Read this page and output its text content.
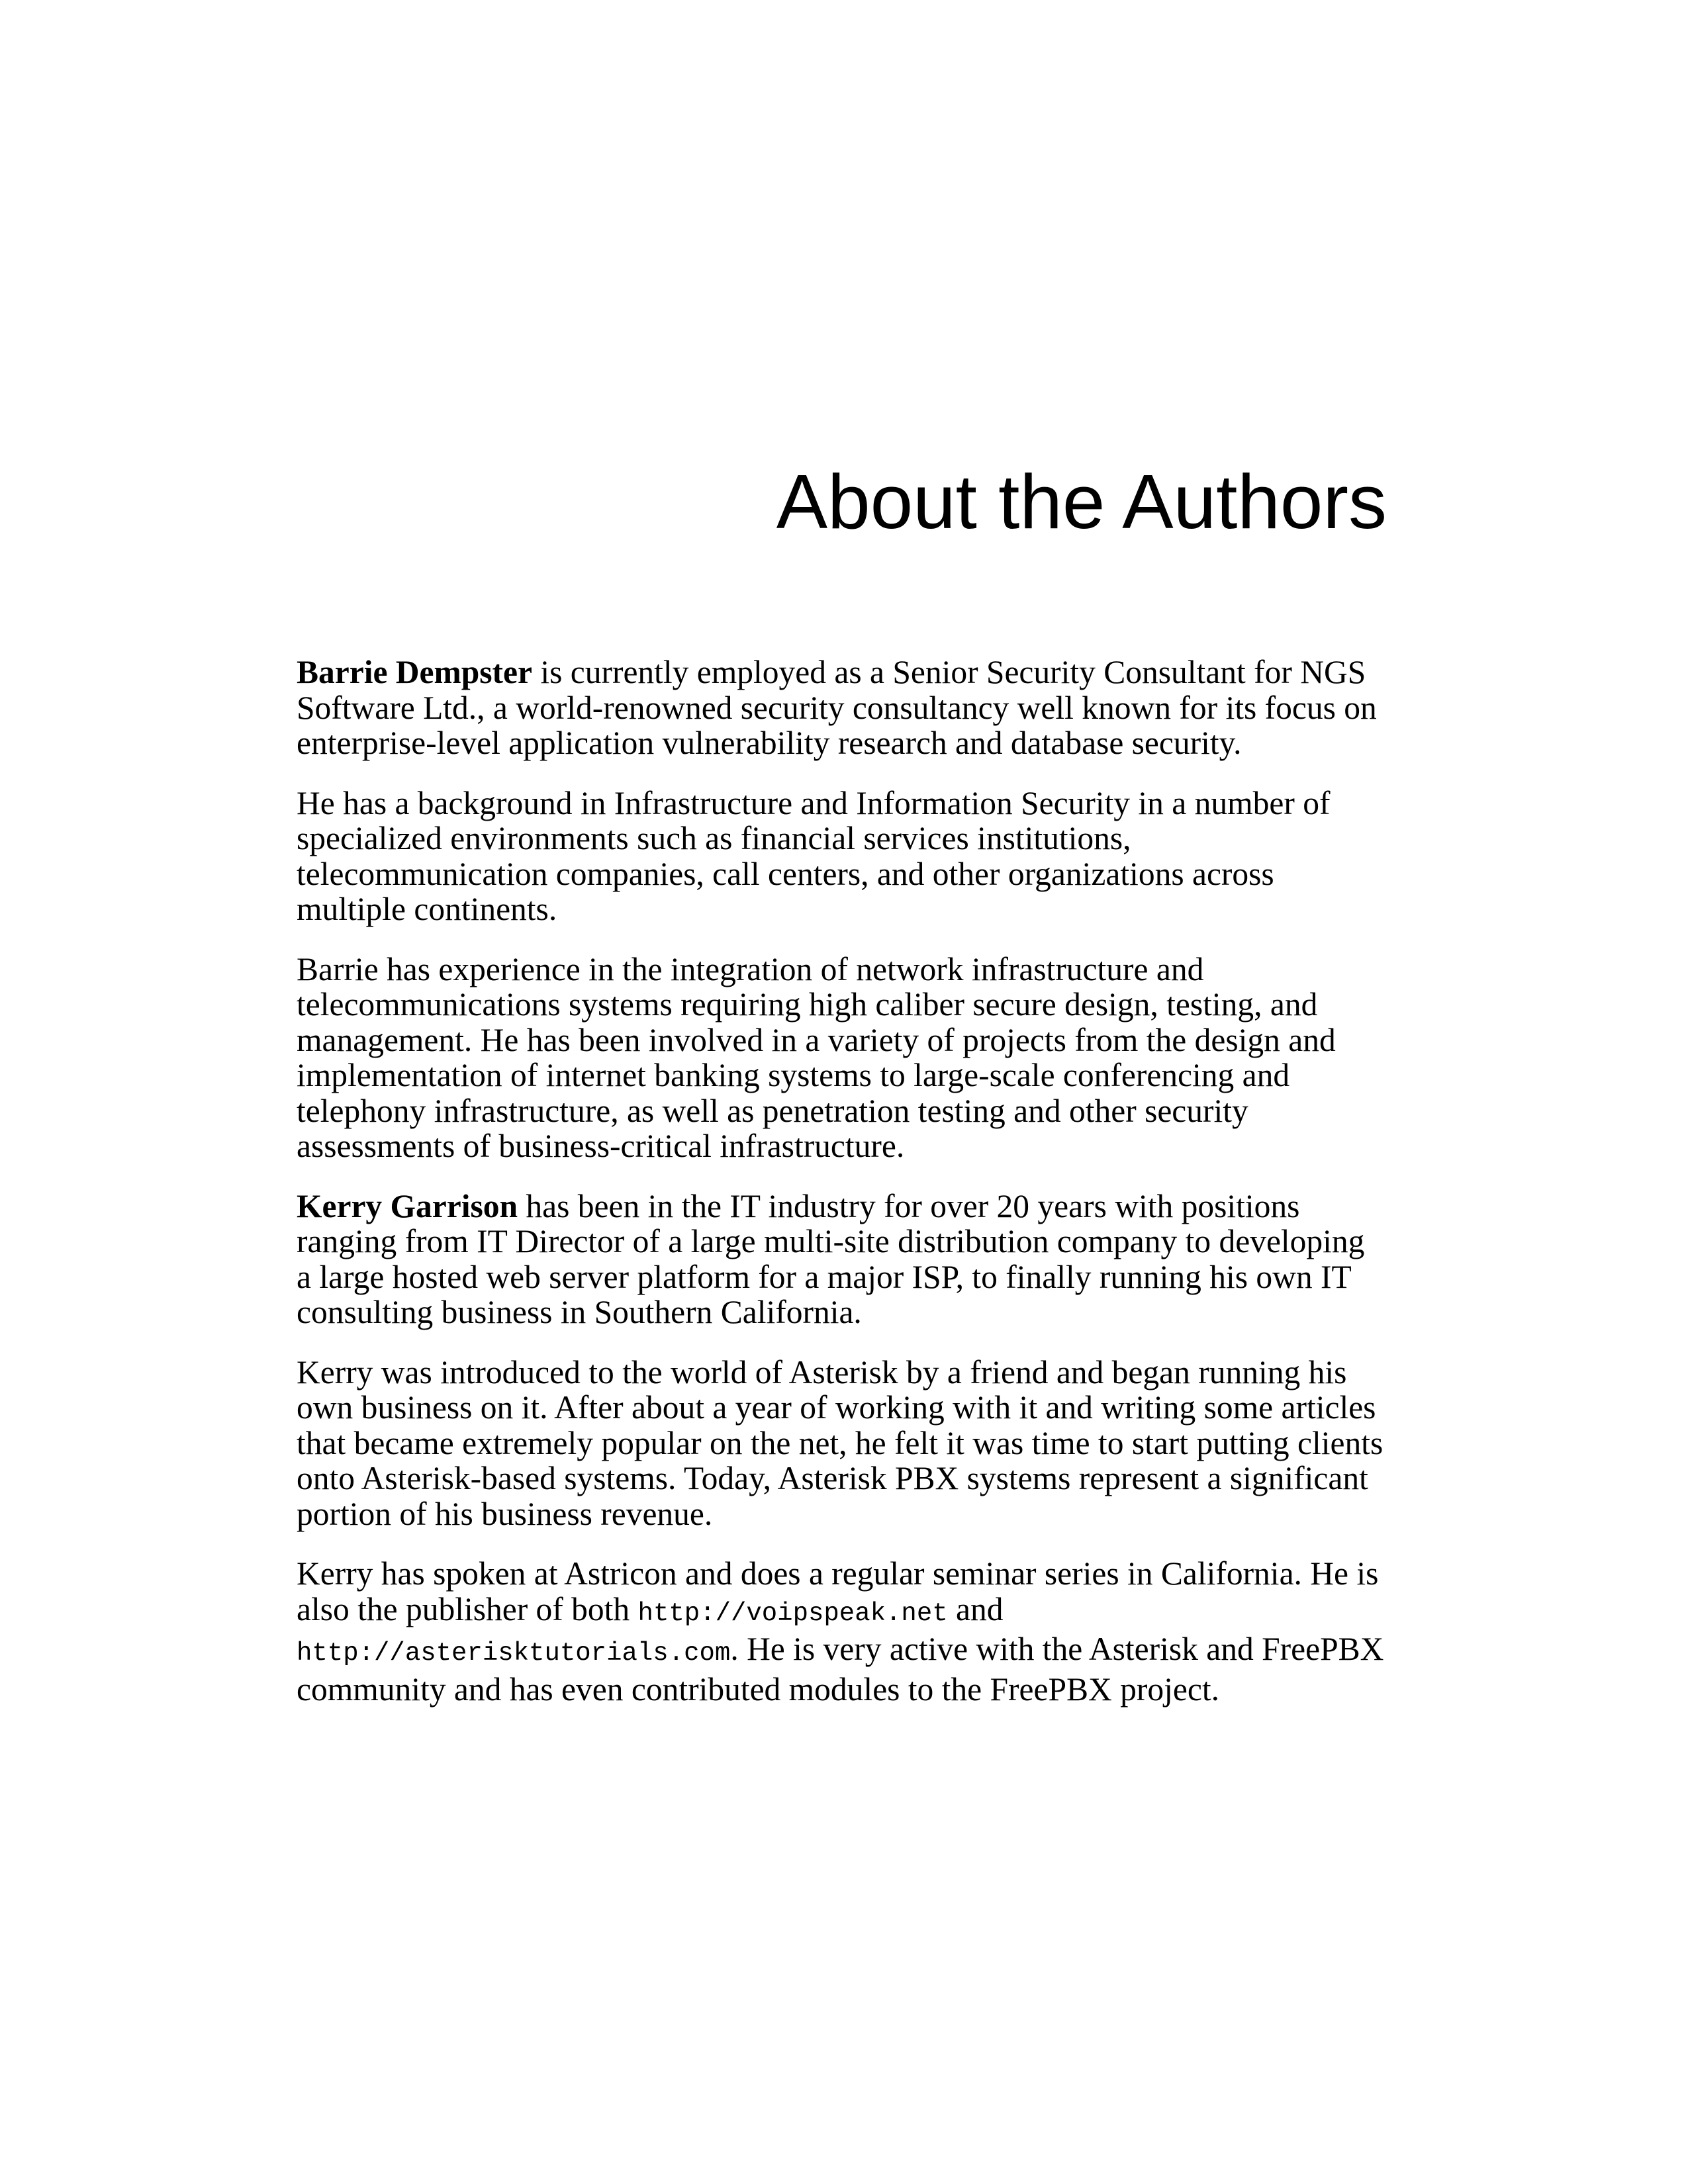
About the Authors

Barrie Dempster is currently employed as a Senior Security Consultant for NGS Software Ltd., a world-renowned security consultancy well known for its focus on enterprise-level application vulnerability research and database security.

He has a background in Infrastructure and Information Security in a number of specialized environments such as financial services institutions, telecommunication companies, call centers, and other organizations across multiple continents.

Barrie has experience in the integration of network infrastructure and telecommunications systems requiring high caliber secure design, testing, and management. He has been involved in a variety of projects from the design and implementation of internet banking systems to large-scale conferencing and telephony infrastructure, as well as penetration testing and other security assessments of business-critical infrastructure.

Kerry Garrison has been in the IT industry for over 20 years with positions ranging from IT Director of a large multi-site distribution company to developing a large hosted web server platform for a major ISP, to finally running his own IT consulting business in Southern California.

Kerry was introduced to the world of Asterisk by a friend and began running his own business on it. After about a year of working with it and writing some articles that became extremely popular on the net, he felt it was time to start putting clients onto Asterisk-based systems. Today, Asterisk PBX systems represent a significant portion of his business revenue.

Kerry has spoken at Astricon and does a regular seminar series in California. He is also the publisher of both http://voipspeak.net and http://asterisktutorials.com. He is very active with the Asterisk and FreePBX community and has even contributed modules to the FreePBX project.
